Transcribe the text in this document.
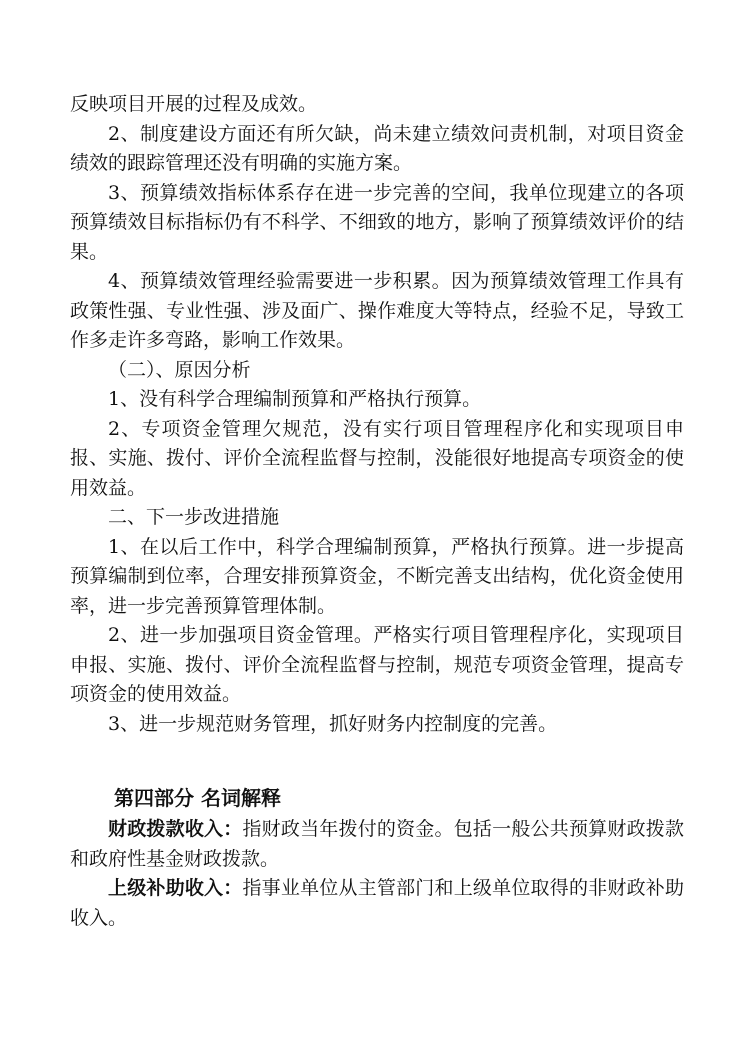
反映项目开展的过程及成效。

2、制度建设方面还有所欠缺，尚未建立绩效问责机制，对项目资金绩效的跟踪管理还没有明确的实施方案。

3、预算绩效指标体系存在进一步完善的空间，我单位现建立的各项预算绩效目标指标仍有不科学、不细致的地方，影响了预算绩效评价的结果。

4、预算绩效管理经验需要进一步积累。因为预算绩效管理工作具有政策性强、专业性强、涉及面广、操作难度大等特点，经验不足，导致工作多走许多弯路，影响工作效果。

（二）、原因分析

1、没有科学合理编制预算和严格执行预算。

2、专项资金管理欠规范，没有实行项目管理程序化和实现项目申报、实施、拨付、评价全流程监督与控制，没能很好地提高专项资金的使用效益。

二、下一步改进措施

1、在以后工作中，科学合理编制预算，严格执行预算。进一步提高预算编制到位率，合理安排预算资金，不断完善支出结构，优化资金使用率，进一步完善预算管理体制。

2、进一步加强项目资金管理。严格实行项目管理程序化，实现项目申报、实施、拨付、评价全流程监督与控制，规范专项资金管理，提高专项资金的使用效益。

3、进一步规范财务管理，抓好财务内控制度的完善。

第四部分 名词解释

财政拨款收入：指财政当年拨付的资金。包括一般公共预算财政拨款和政府性基金财政拨款。

上级补助收入：指事业单位从主管部门和上级单位取得的非财政补助收入。
